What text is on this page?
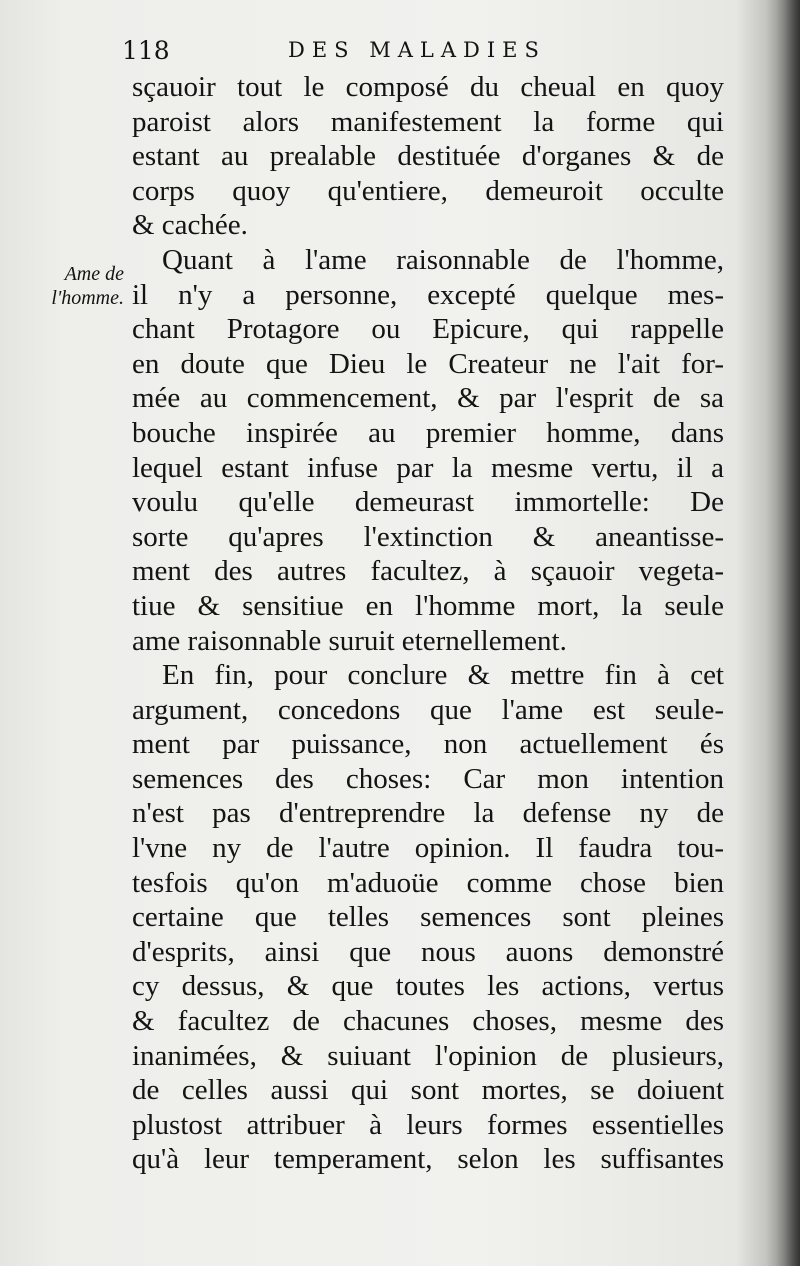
118	DES MALADIES
Ame de
l'homme.
sçauoir tout le composé du cheual en quoy
paroist alors manifestement la forme qui
estant au prealable destituée d'organes & de
corps quoy qu'entiere, demeuroit occulte
& cachée.
Quant à l'ame raisonnable de l'homme,
il n'y a personne, excepté quelque mes-
chant Protagore ou Epicure, qui rappelle
en doute que Dieu le Createur ne l'ait for-
mée au commencement, & par l'esprit de sa
bouche inspirée au premier homme, dans
lequel estant infuse par la mesme vertu, il a
voulu qu'elle demeurast immortelle: De
sorte qu'apres l'extinction & aneantisse-
ment des autres facultez, à sçauoir vegeta-
tiue & sensitiue en l'homme mort, la seule
ame raisonnable suruit eternellement.
En fin, pour conclure & mettre fin à cet
argument, concedons que l'ame est seule-
ment par puissance, non actuellement és
semences des choses: Car mon intention
n'est pas d'entreprendre la defense ny de
l'vne ny de l'autre opinion. Il faudra tou-
tesfois qu'on m'aduoüe comme chose bien
certaine que telles semences sont pleines
d'esprits, ainsi que nous auons demonstré
cy dessus, & que toutes les actions, vertus
& facultez de chacunes choses, mesme des
inanimées, & suiuant l'opinion de plusieurs,
de celles aussi qui sont mortes, se doiuent
plustost attribuer à leurs formes essentielles
qu'à leur temperament, selon les suffisantes
